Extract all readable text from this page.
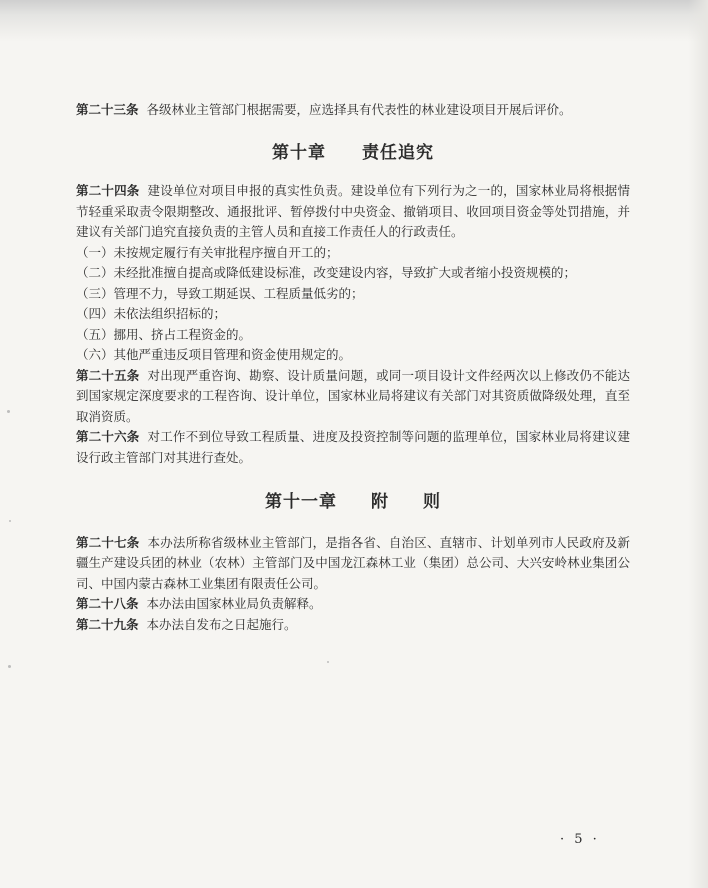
第二十三条 各级林业主管部门根据需要，应选择具有代表性的林业建设项目开展后评价。

第十章　　 责任追究

第二十四条 建设单位对项目申报的真实性负责。建设单位有下列行为之一的，国家林业局将根据情节轻重采取责令限期整改、通报批评、暂停拨付中央资金、撤销项目、收回项目资金等处罚措施，并建议有关部门追究直接负责的主管人员和直接工作责任人的行政责任。

（一）未按规定履行有关审批程序擅自开工的；

（二）未经批准擅自提高或降低建设标准，改变建设内容，导致扩大或者缩小投资规模的；

（三）管理不力，导致工期延误、工程质量低劣的；

（四）未依法组织招标的；

（五）挪用、挤占工程资金的。

（六）其他严重违反项目管理和资金使用规定的。

第二十五条 对出现严重咨询、勘察、设计质量问题，或同一项目设计文件经两次以上修改仍不能达到国家规定深度要求的工程咨询、设计单位，国家林业局将建议有关部门对其资质做降级处理，直至取消资质。

第二十六条 对工作不到位导致工程质量、进度及投资控制等问题的监理单位，国家林业局将建议建设行政主管部门对其进行查处。

第十一章 附 则

第二十七条 本办法所称省级林业主管部门，是指各省、自治区、直辖市、计划单列市人民政府及新疆生产建设兵团的林业（农林）主管部门及中国龙江森林工业（集团）总公司、大兴安岭林业集团公司、中国内蒙古森林工业集团有限责任公司。

第二十八条 本办法由国家林业局负责解释。

第二十九条 本办法自发布之日起施行。

· 5 ·
